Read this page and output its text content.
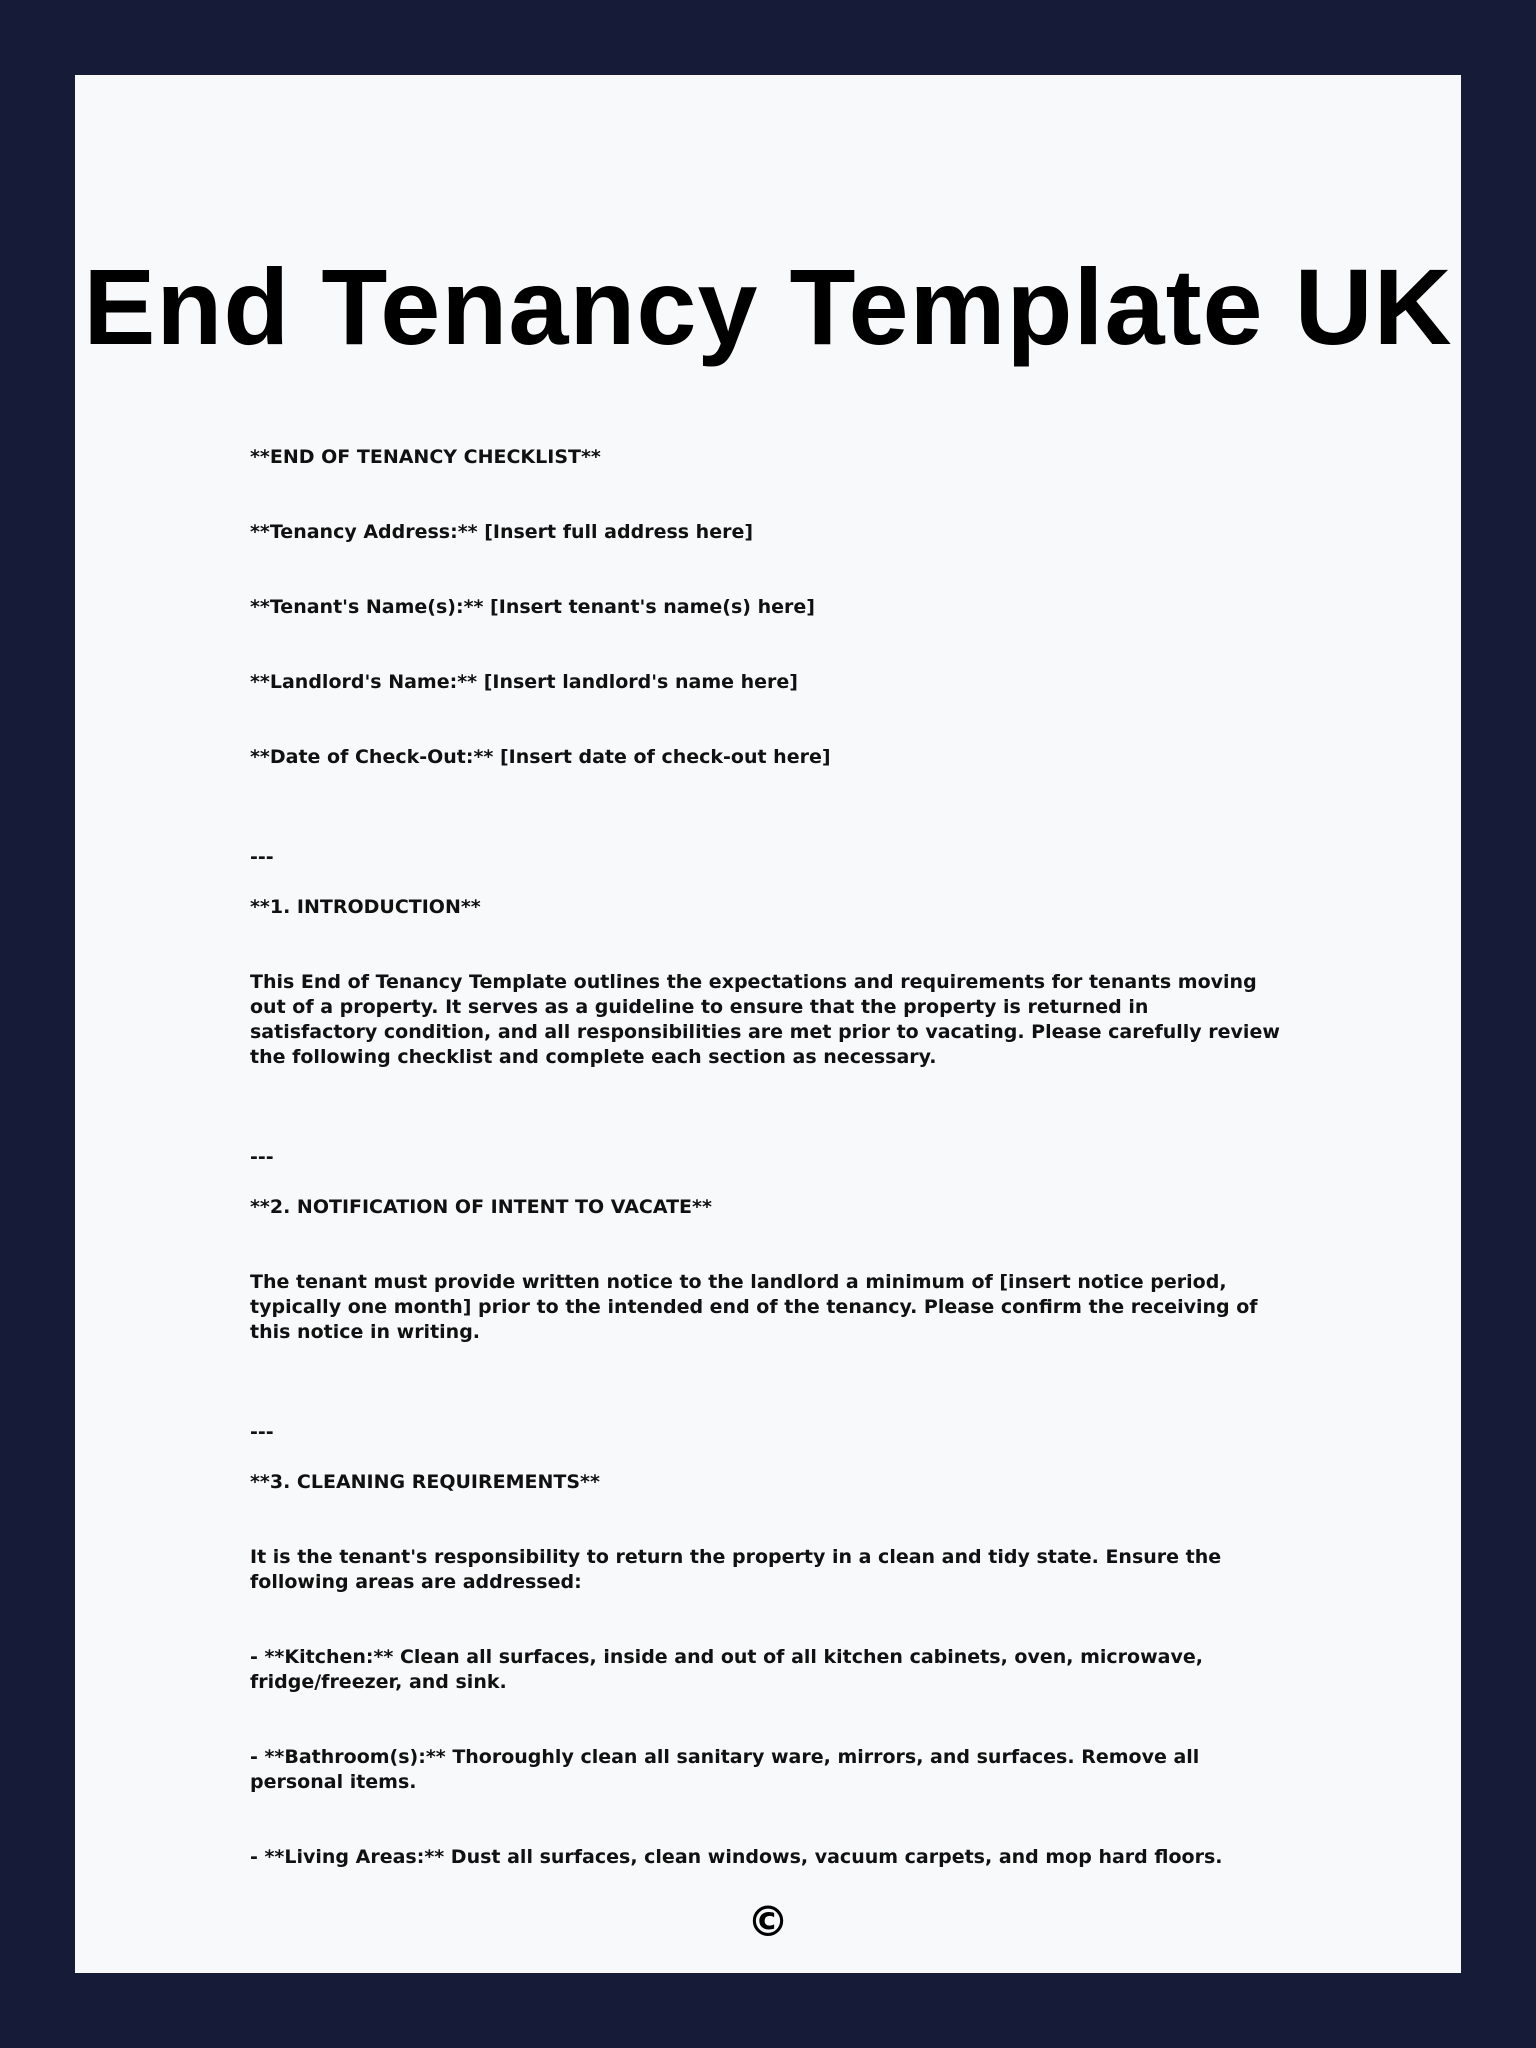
End Tenancy Template UK

**END OF TENANCY CHECKLIST**

**Tenancy Address:** [Insert full address here]

**Tenant's Name(s):** [Insert tenant's name(s) here]

**Landlord's Name:** [Insert landlord's name here]

**Date of Check-Out:** [Insert date of check-out here]

---

**1. INTRODUCTION**

This End of Tenancy Template outlines the expectations and requirements for tenants moving out of a property. It serves as a guideline to ensure that the property is returned in satisfactory condition, and all responsibilities are met prior to vacating. Please carefully review the following checklist and complete each section as necessary.

---

**2. NOTIFICATION OF INTENT TO VACATE**

The tenant must provide written notice to the landlord a minimum of [insert notice period, typically one month] prior to the intended end of the tenancy. Please confirm the receiving of this notice in writing.

---

**3. CLEANING REQUIREMENTS**

It is the tenant's responsibility to return the property in a clean and tidy state. Ensure the following areas are addressed:

- **Kitchen:** Clean all surfaces, inside and out of all kitchen cabinets, oven, microwave, fridge/freezer, and sink.

- **Bathroom(s):** Thoroughly clean all sanitary ware, mirrors, and surfaces. Remove all personal items.

- **Living Areas:** Dust all surfaces, clean windows, vacuum carpets, and mop hard floors.

©
